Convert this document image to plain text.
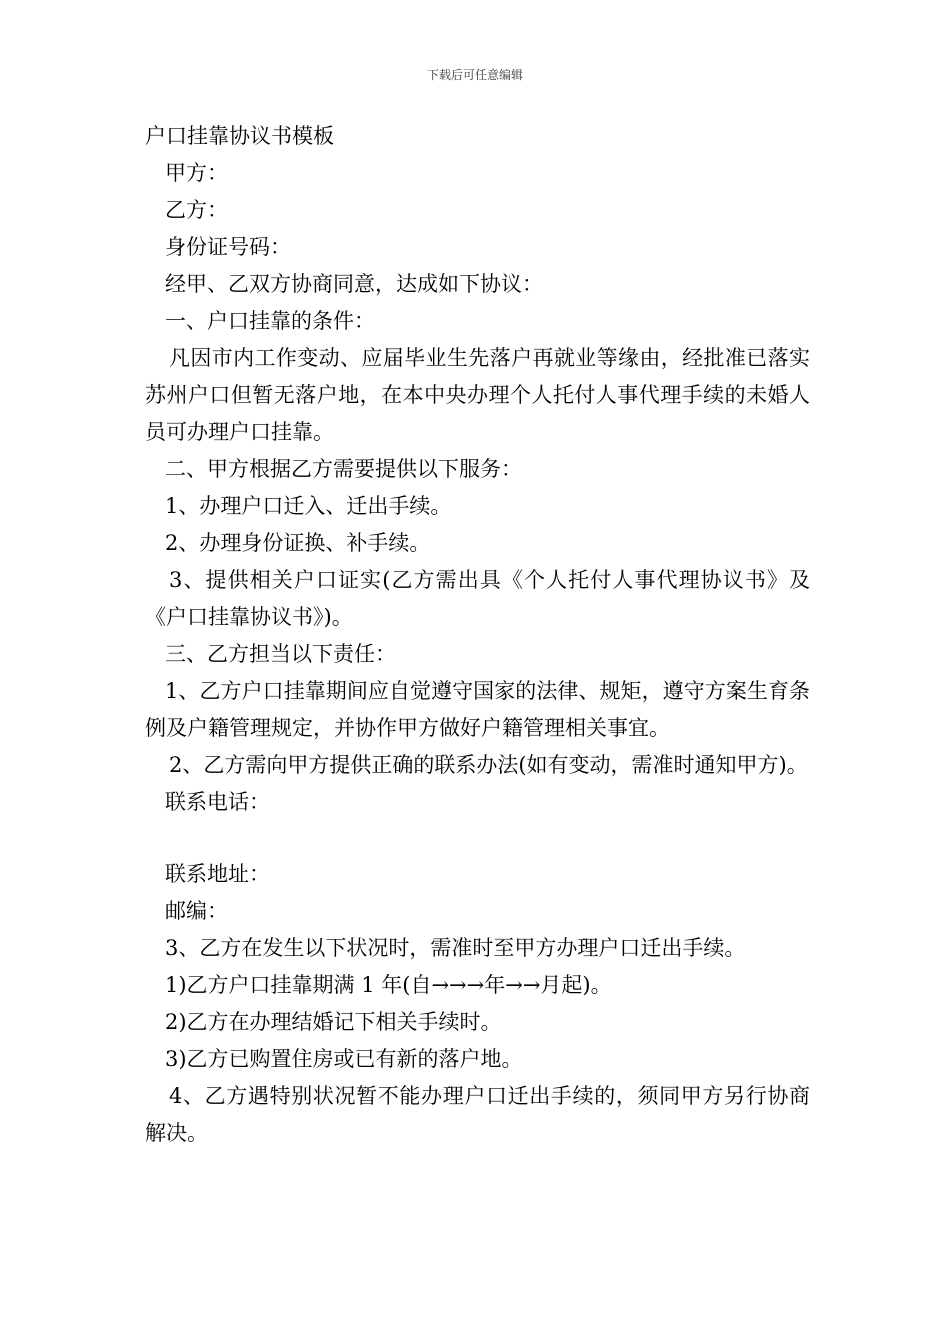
下载后可任意编辑
户口挂靠协议书模板
甲方：
乙方：
身份证号码：
经甲、乙双方协商同意，达成如下协议：
一、户口挂靠的条件：
凡因市内工作变动、应届毕业生先落户再就业等缘由，经批准已落实苏州户口但暂无落户地，在本中央办理个人托付人事代理手续的未婚人员可办理户口挂靠。
二、甲方根据乙方需要提供以下服务：
1、办理户口迁入、迁出手续。
2、办理身份证换、补手续。
3、提供相关户口证实(乙方需出具《个人托付人事代理协议书》及《户口挂靠协议书》)。
三、乙方担当以下责任：
1、乙方户口挂靠期间应自觉遵守国家的法律、规矩，遵守方案生育条例及户籍管理规定，并协作甲方做好户籍管理相关事宜。
2、乙方需向甲方提供正确的联系办法(如有变动，需准时通知甲方)。
联系电话：
联系地址：
邮编：
3、乙方在发生以下状况时，需准时至甲方办理户口迁出手续。
1)乙方户口挂靠期满 1 年(自→→→年→→月起)。
2)乙方在办理结婚记下相关手续时。
3)乙方已购置住房或已有新的落户地。
4、乙方遇特别状况暂不能办理户口迁出手续的，须同甲方另行协商解决。
